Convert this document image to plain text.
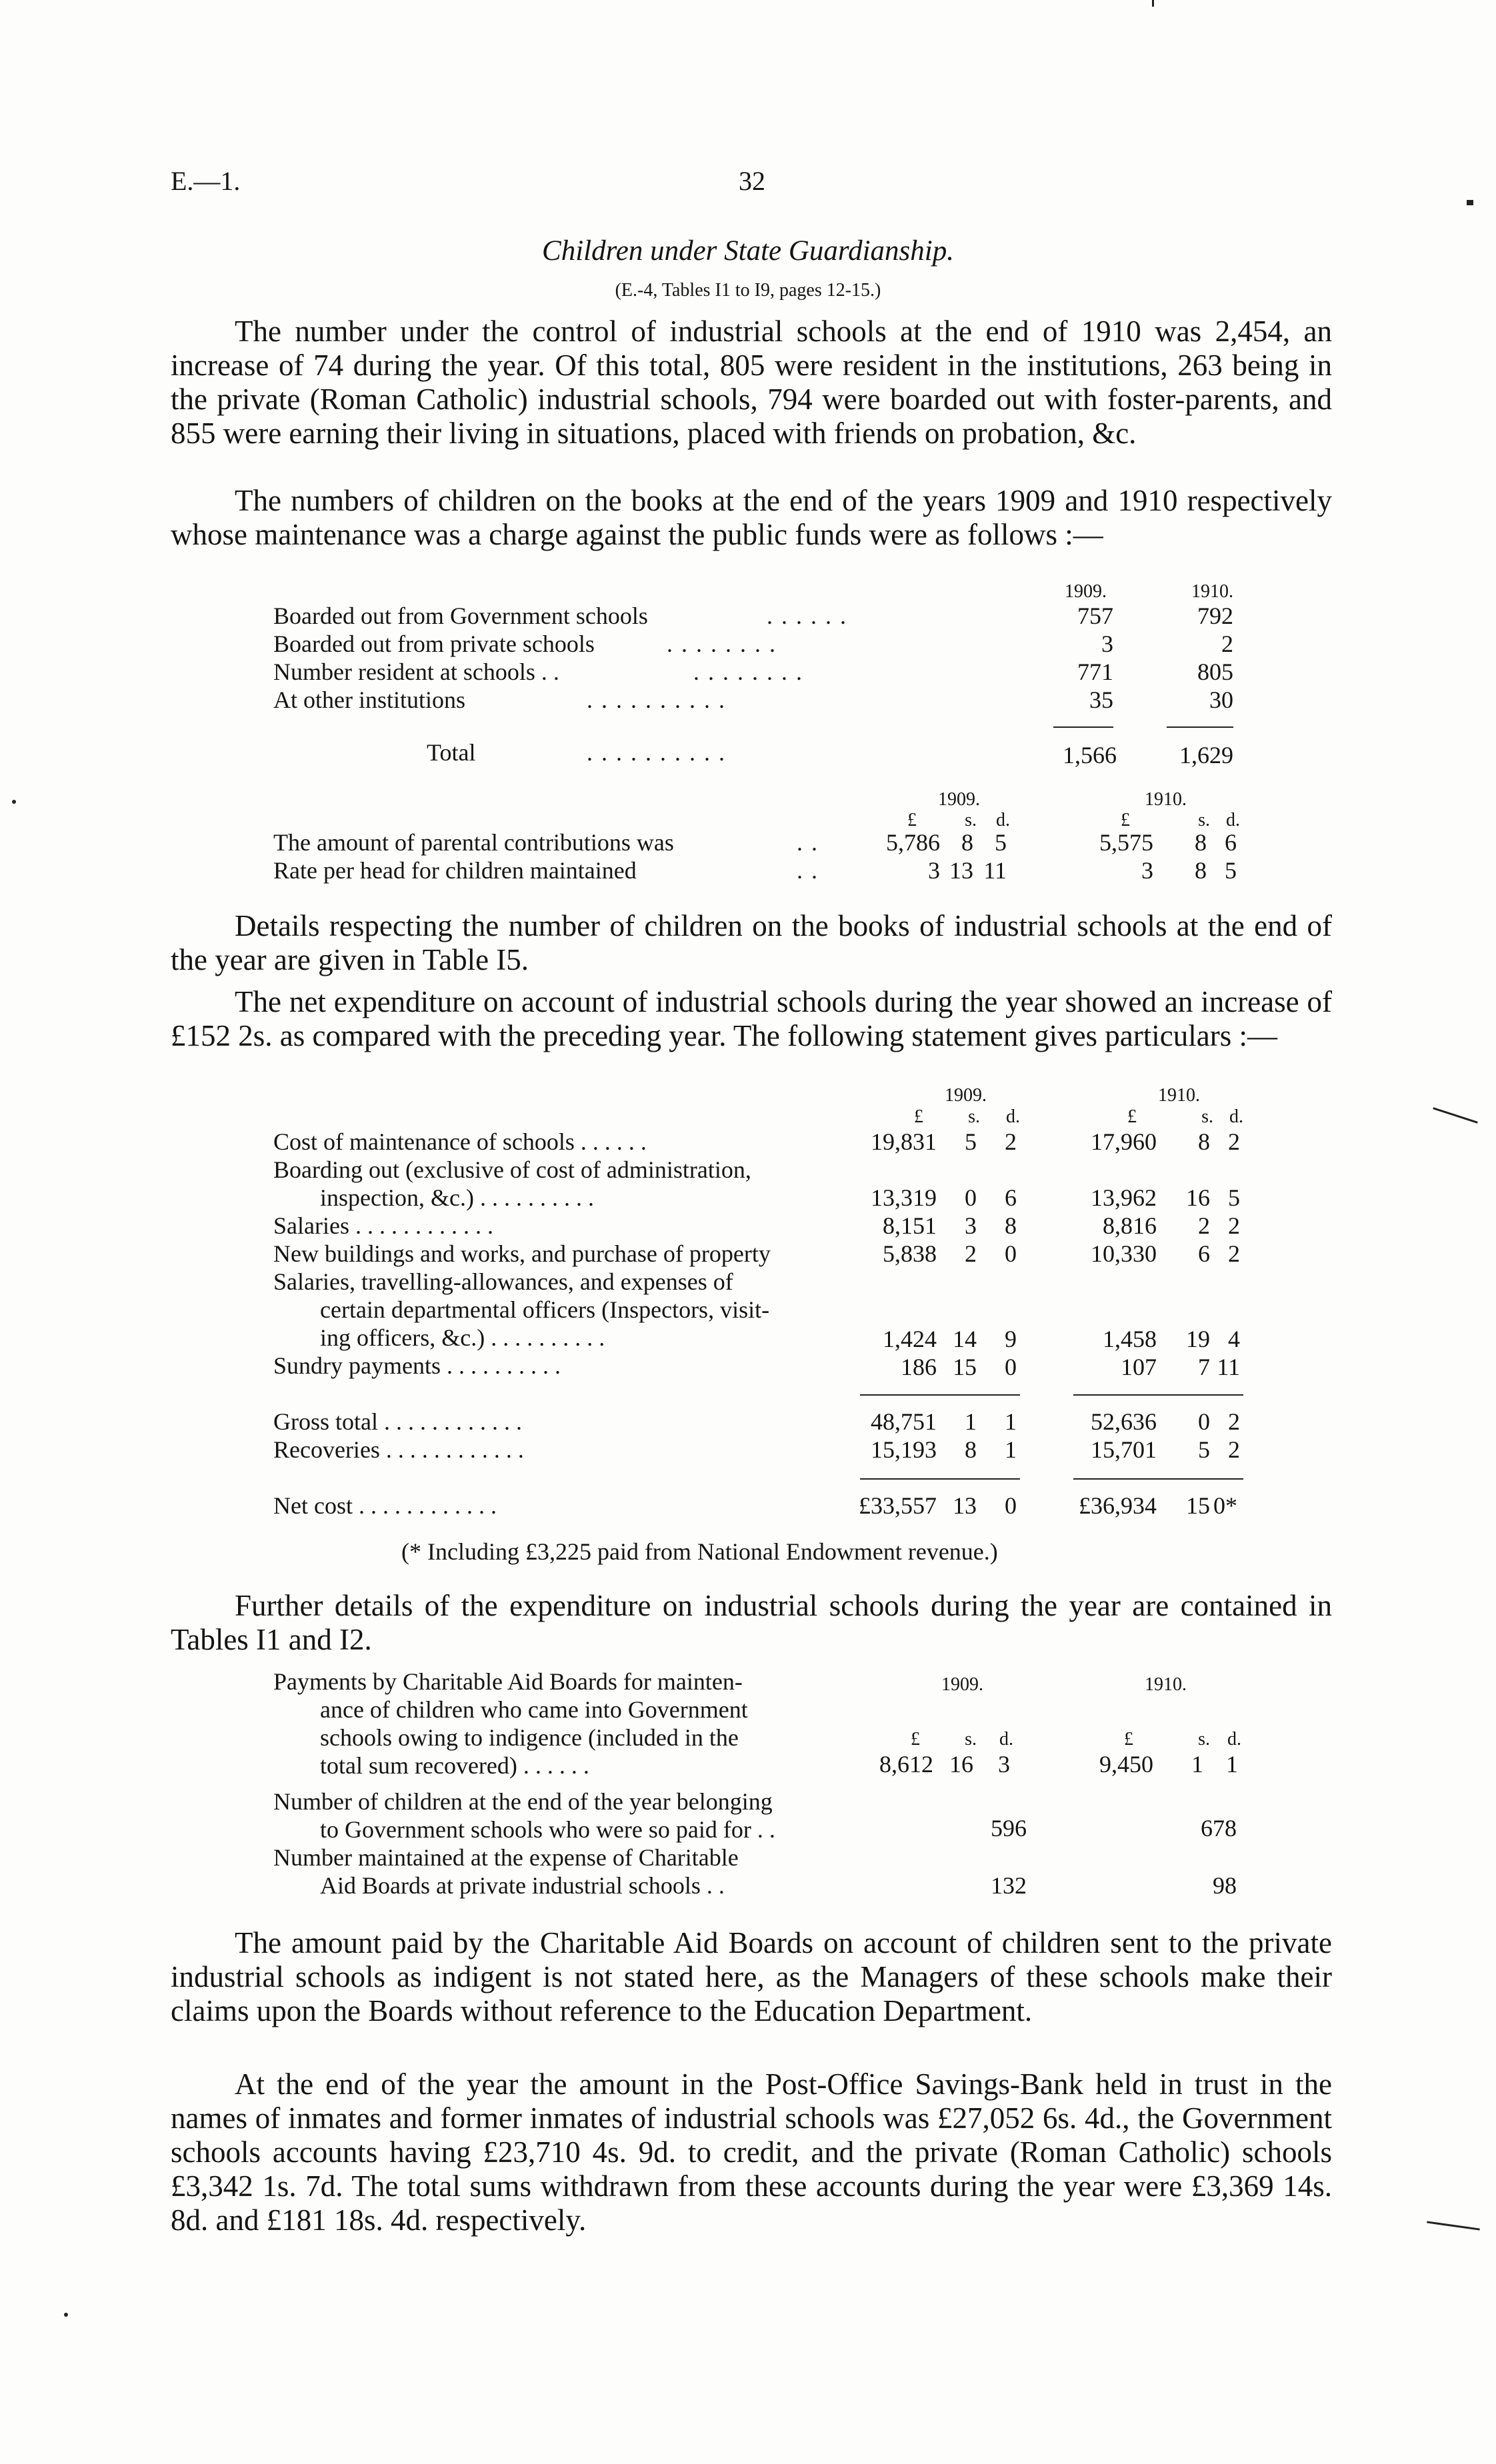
E.—1.	32
Children under State Guardianship.
(E.-4, Tables I1 to I9, pages 12-15.)
The number under the control of industrial schools at the end of 1910 was 2,454, an increase of 74 during the year. Of this total, 805 were resident in the institutions, 263 being in the private (Roman Catholic) industrial schools, 794 were boarded out with foster-parents, and 855 were earning their living in situations, placed with friends on probation, &c.
The numbers of children on the books at the end of the years 1909 and 1910 respectively whose maintenance was a charge against the public funds were as follows :—
1909.	1910.
Boarded out from Government schools	. . . . . .	757	792
Boarded out from private schools	. . . . . . . .	3	2
Number resident at schools . .	. . . . . . . .	771	805
At other institutions	. . . . . . . . . .	35	30
Total	. . . . . . . . . .	1,566	1,629
1909.	1910.
£	s.	d.	£	s. d.
The amount of parental contributions was	. .	5,786 8 5	5,575	8 6
Rate per head for children maintained	. .	3 13 11	3	8 5
Details respecting the number of children on the books of industrial schools at the end of the year are given in Table I5.
The net expenditure on account of industrial schools during the year showed an increase of £152 2s. as compared with the preceding year. The following statement gives particulars :—
1909.	1910.
£	s.	d.	£	s. d.
Cost of maintenance of schools . . . . . .	19,831	5	2	17,960	8 2
Boarding out (exclusive of cost of administration,
inspection, &c.) . . . . . . . . . .	13,319	0	6	13,962	16 5
Salaries . . . . . . . . . . . .	8,151	3	8	8,816	2 2
New buildings and works, and purchase of property	5,838	2	0	10,330	6 2
Salaries, travelling-allowances, and expenses of
certain departmental officers (Inspectors, visit-
ing officers, &c.) . . . . . . . . . .	1,424 14	9	1,458	19 4
Sundry payments . . . . . . . . . .	186 15	0	107	7 11
Gross total . . . . . . . . . . . .	48,751	1	1	52,636	0 2
Recoveries . . . . . . . . . . . .	15,193	8	1	15,701	5 2
Net cost . . . . . . . . . . . .	£33,557 13	0	£36,934	15 0*
(* Including £3,225 paid from National Endowment revenue.)
Further details of the expenditure on industrial schools during the year are contained in Tables I1 and I2.
1909.	1910.
Payments by Charitable Aid Boards for mainten-
ance of children who came into Government
schools owing to indigence (included in the
total sum recovered) . . . . . .
£	s.	d.	£	s. d.
8,612 16	3	9,450	1 1
Number of children at the end of the year belonging
to Government schools who were so paid for . .	596	678
Number maintained at the expense of Charitable
Aid Boards at private industrial schools . .	132	98
The amount paid by the Charitable Aid Boards on account of children sent to the private industrial schools as indigent is not stated here, as the Managers of these schools make their claims upon the Boards without reference to the Education Department.
At the end of the year the amount in the Post-Office Savings-Bank held in trust in the names of inmates and former inmates of industrial schools was £27,052 6s. 4d., the Government schools accounts having £23,710 4s. 9d. to credit, and the private (Roman Catholic) schools £3,342 1s. 7d. The total sums withdrawn from these accounts during the year were £3,369 14s. 8d. and £181 18s. 4d. respectively.
